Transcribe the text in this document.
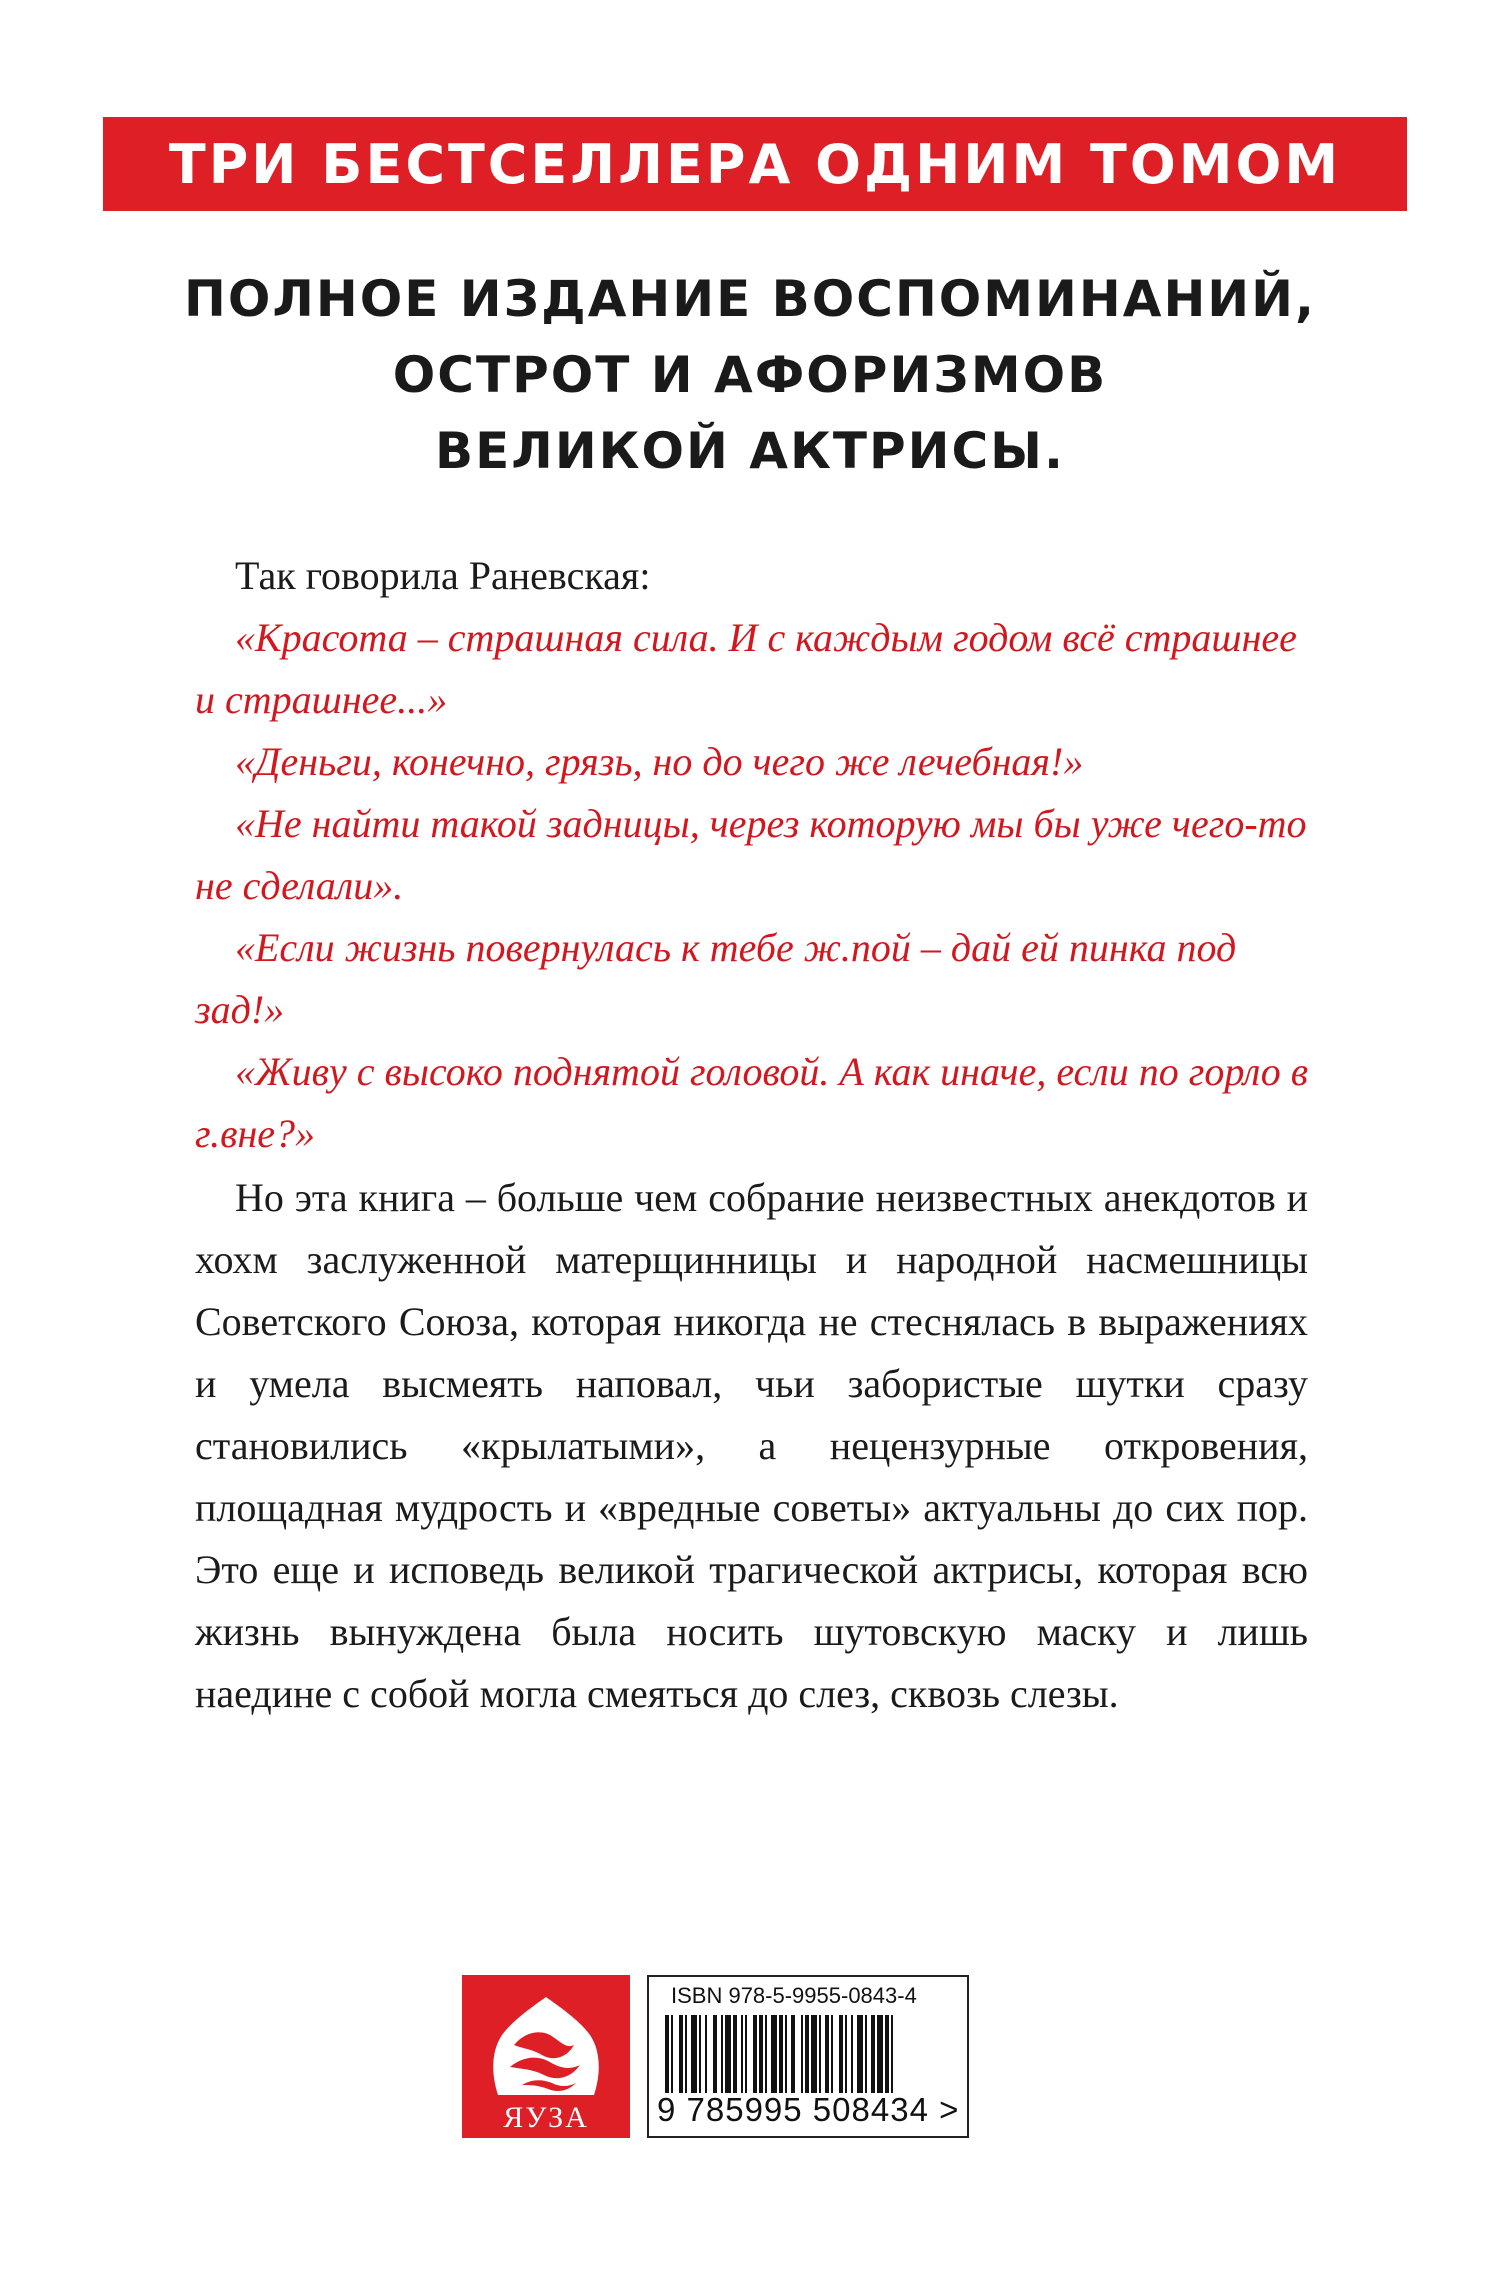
ТРИ БЕСТСЕЛЛЕРА ОДНИМ ТОМОМ
ПОЛНОЕ ИЗДАНИЕ ВОСПОМИНАНИЙ,
ОСТРОТ И АФОРИЗМОВ
ВЕЛИКОЙ АКТРИСЫ.

Так говорила Раневская:

«Красота – страшная сила. И с каждым годом всё страшнее и страшнее...»

«Деньги, конечно, грязь, но до чего же лечебная!»

«Не найти такой задницы, через которую мы бы уже чего-то не сделали».

«Если жизнь повернулась к тебе ж.пой – дай ей пинка под зад!»

«Живу с высоко поднятой головой. А как иначе, если по горло в г.вне?»

Но эта книга – больше чем собрание неизвестных анекдотов и хохм заслуженной матерщинницы и народной насмешницы Советского Союза, которая никогда не стеснялась в выражениях и умела высмеять наповал, чьи забористые шутки сразу становились «крылатыми», а нецензурные откровения, площадная мудрость и «вредные советы» актуальны до сих пор. Это еще и исповедь великой трагической актрисы, которая всю жизнь вынуждена была носить шутовскую маску и лишь наедине с собой могла смеяться до слез, сквозь слезы.

ЯУЗА
ISBN 978-5-9955-0843-4
9 785995 508434 >
